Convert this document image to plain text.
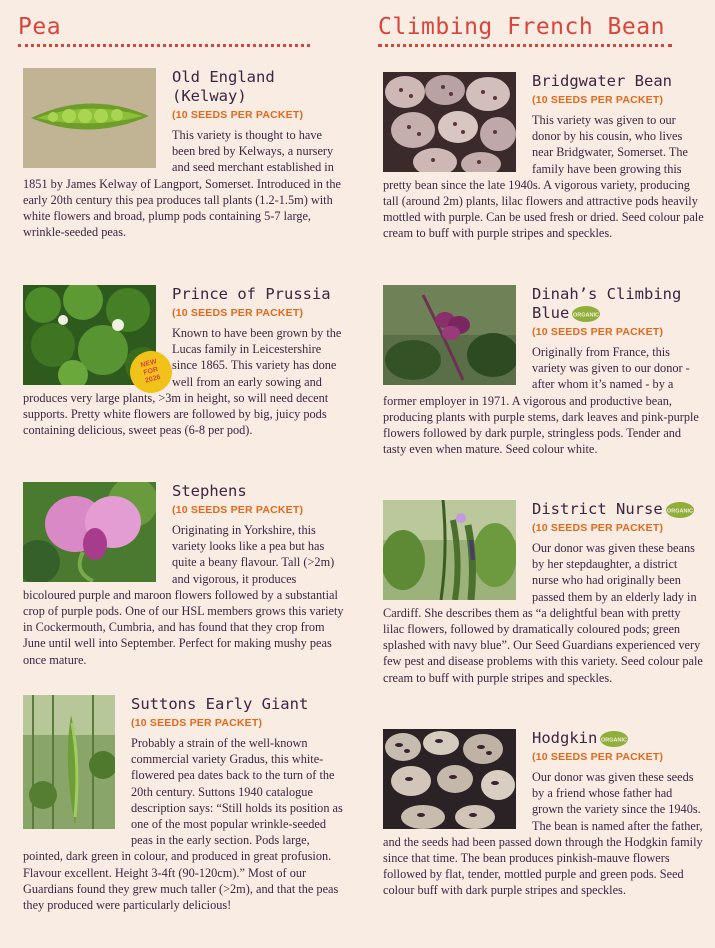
Pea
Old England (Kelway)
(10 SEEDS PER PACKET)

This variety is thought to have been bred by Kelways, a nursery and seed merchant established in 1851 by James Kelway of Langport, Somerset. Introduced in the early 20th century this pea produces tall plants (1.2-1.5m) with white flowers and broad, plump pods containing 5-7 large, wrinkle-seeded peas.

NEW
FOR
2026
Prince of Prussia
(10 SEEDS PER PACKET)

Known to have been grown by the Lucas family in Leicestershire since 1865. This variety has done well from an early sowing and produces very large plants, >3m in height, so will need decent supports. Pretty white flowers are followed by big, juicy pods containing delicious, sweet peas (6-8 per pod).

Stephens
(10 SEEDS PER PACKET)

Originating in Yorkshire, this variety looks like a pea but has quite a beany flavour. Tall (>2m) and vigorous, it produces bicoloured purple and maroon flowers followed by a substantial crop of purple pods. One of our HSL members grows this variety in Cockermouth, Cumbria, and has found that they crop from June until well into September. Perfect for making mushy peas once mature.

Suttons Early Giant
(10 SEEDS PER PACKET)

Probably a strain of the well-known commercial variety Gradus, this white-flowered pea dates back to the turn of the 20th century. Suttons 1940 catalogue description says: “Still holds its position as one of the most popular wrinkle-seeded peas in the early section. Pods large, pointed, dark green in colour, and produced in great profusion. Flavour excellent. Height 3-4ft (90-120cm).” Most of our Guardians found they grew much taller (>2m), and that the peas they produced were particularly delicious!

Climbing French Bean
Bridgwater Bean
(10 SEEDS PER PACKET)

This variety was given to our donor by his cousin, who lives near Bridgwater, Somerset. The family have been growing this pretty bean since the late 1940s. A vigorous variety, producing tall (around 2m) plants, lilac flowers and attractive pods heavily mottled with purple. Can be used fresh or dried. Seed colour pale cream to buff with purple stripes and speckles.

Dinah’s Climbing Blue ORGANIC
(10 SEEDS PER PACKET)

Originally from France, this variety was given to our donor - after whom it’s named - by a former employer in 1971. A vigorous and productive bean, producing plants with purple stems, dark leaves and pink-purple flowers followed by dark purple, stringless pods. Tender and tasty even when mature. Seed colour white.

District Nurse ORGANIC
(10 SEEDS PER PACKET)

Our donor was given these beans by her stepdaughter, a district nurse who had originally been passed them by an elderly lady in Cardiff. She describes them as “a delightful bean with pretty lilac flowers, followed by dramatically coloured pods; green splashed with navy blue”. Our Seed Guardians experienced very few pest and disease problems with this variety. Seed colour pale cream to buff with purple stripes and speckles.

Hodgkin ORGANIC
(10 SEEDS PER PACKET)

Our donor was given these seeds by a friend whose father had grown the variety since the 1940s. The bean is named after the father, and the seeds had been passed down through the Hodgkin family since that time. The bean produces pinkish-mauve flowers followed by flat, tender, mottled purple and green pods. Seed colour buff with dark purple stripes and speckles.
